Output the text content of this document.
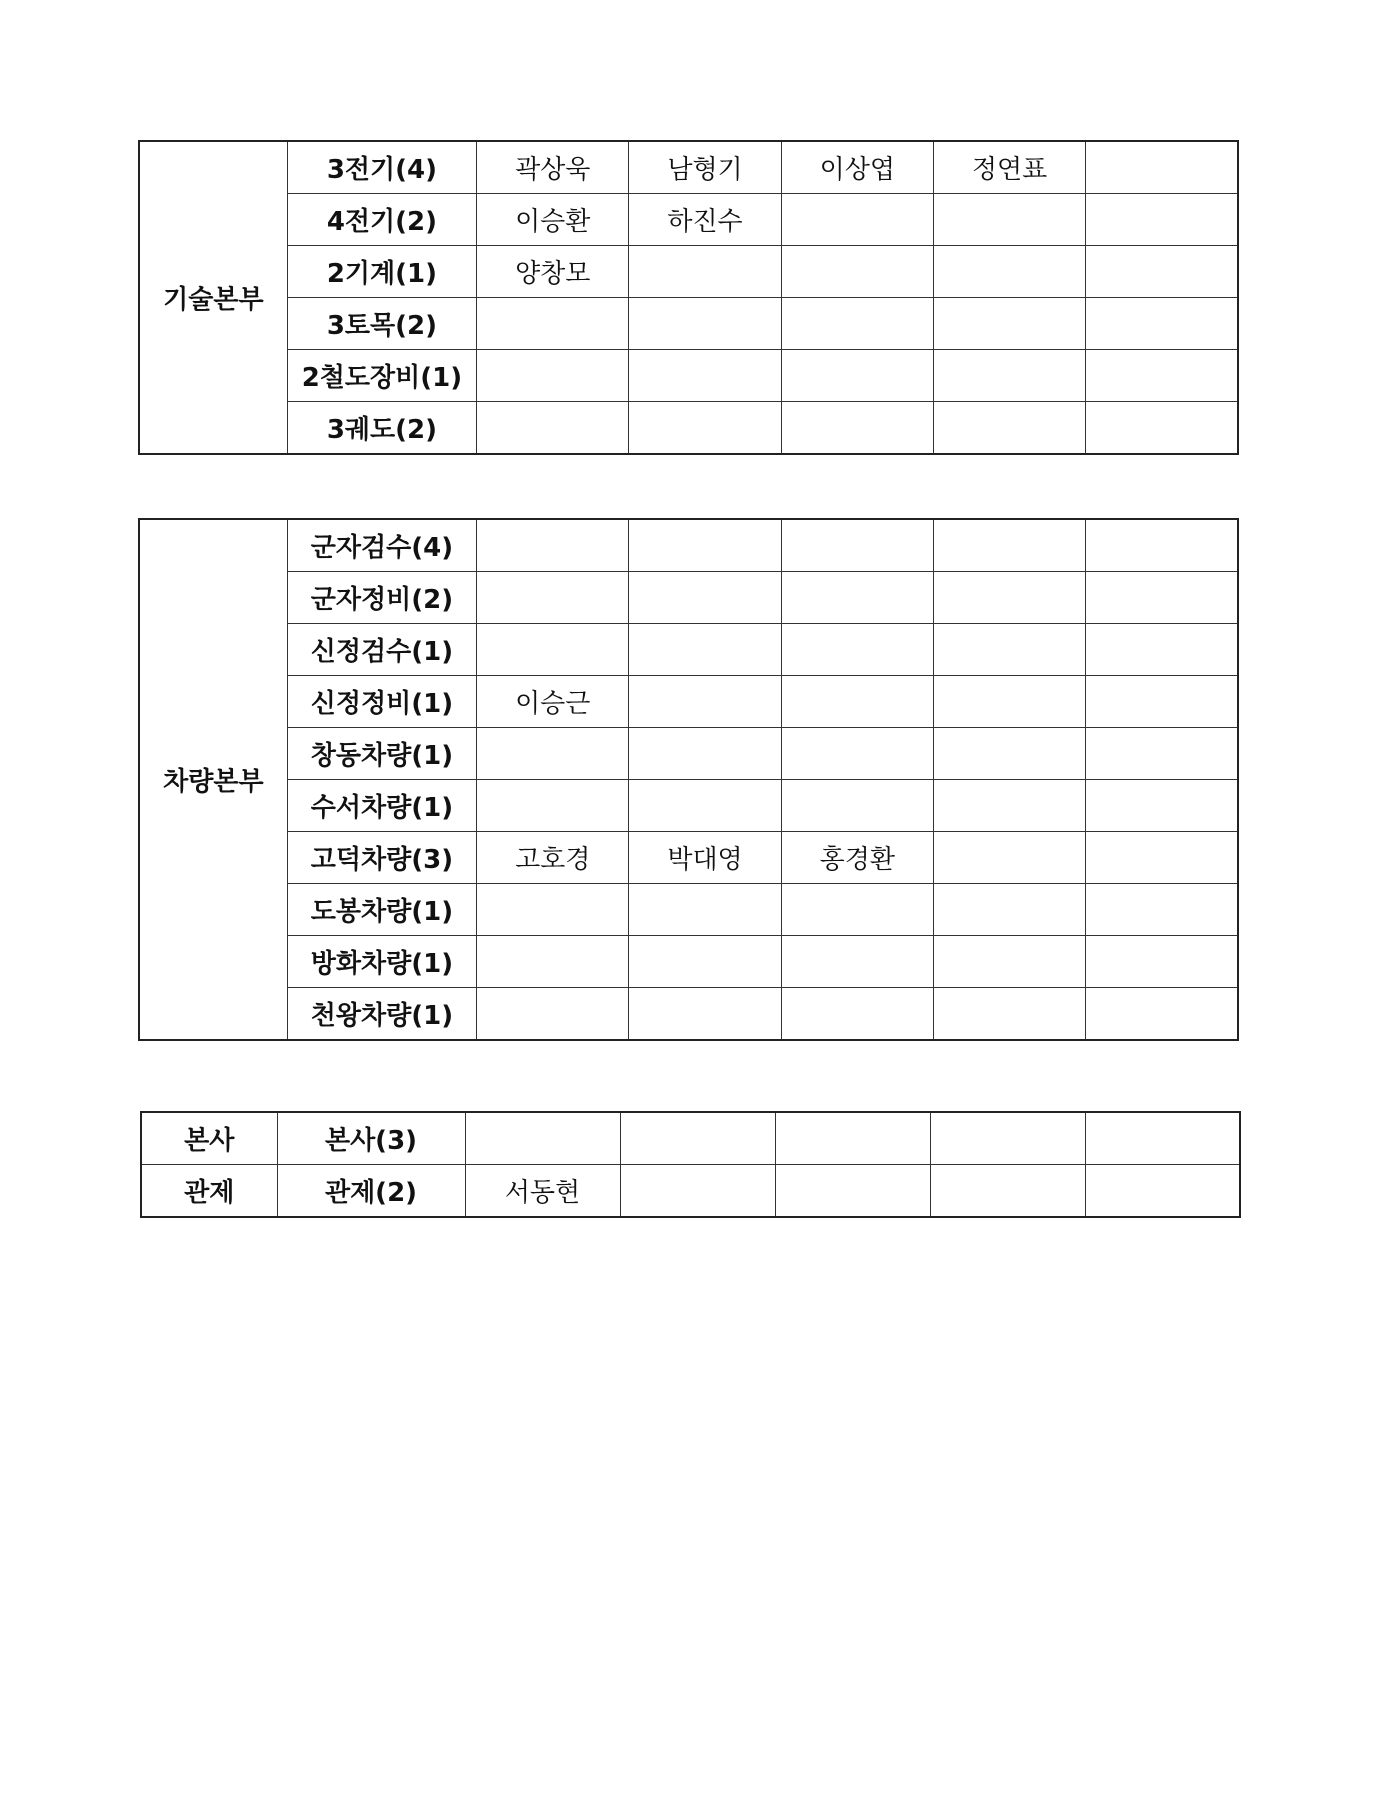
기술본부	3전기(4)	곽상욱	남형기	이상엽	정연표	
	4전기(2)	이승환	하진수			
	2기계(1)	양창모				
	3토목(2)					
	2철도장비(1)					
	3궤도(2)					
차량본부	군자검수(4)					
	군자정비(2)					
	신정검수(1)					
	신정정비(1)	이승근				
	창동차량(1)					
	수서차량(1)					
	고덕차량(3)	고호경	박대영	홍경환		
	도봉차량(1)					
	방화차량(1)					
	천왕차량(1)					
본사	본사(3)					
관제	관제(2)	서동현				
